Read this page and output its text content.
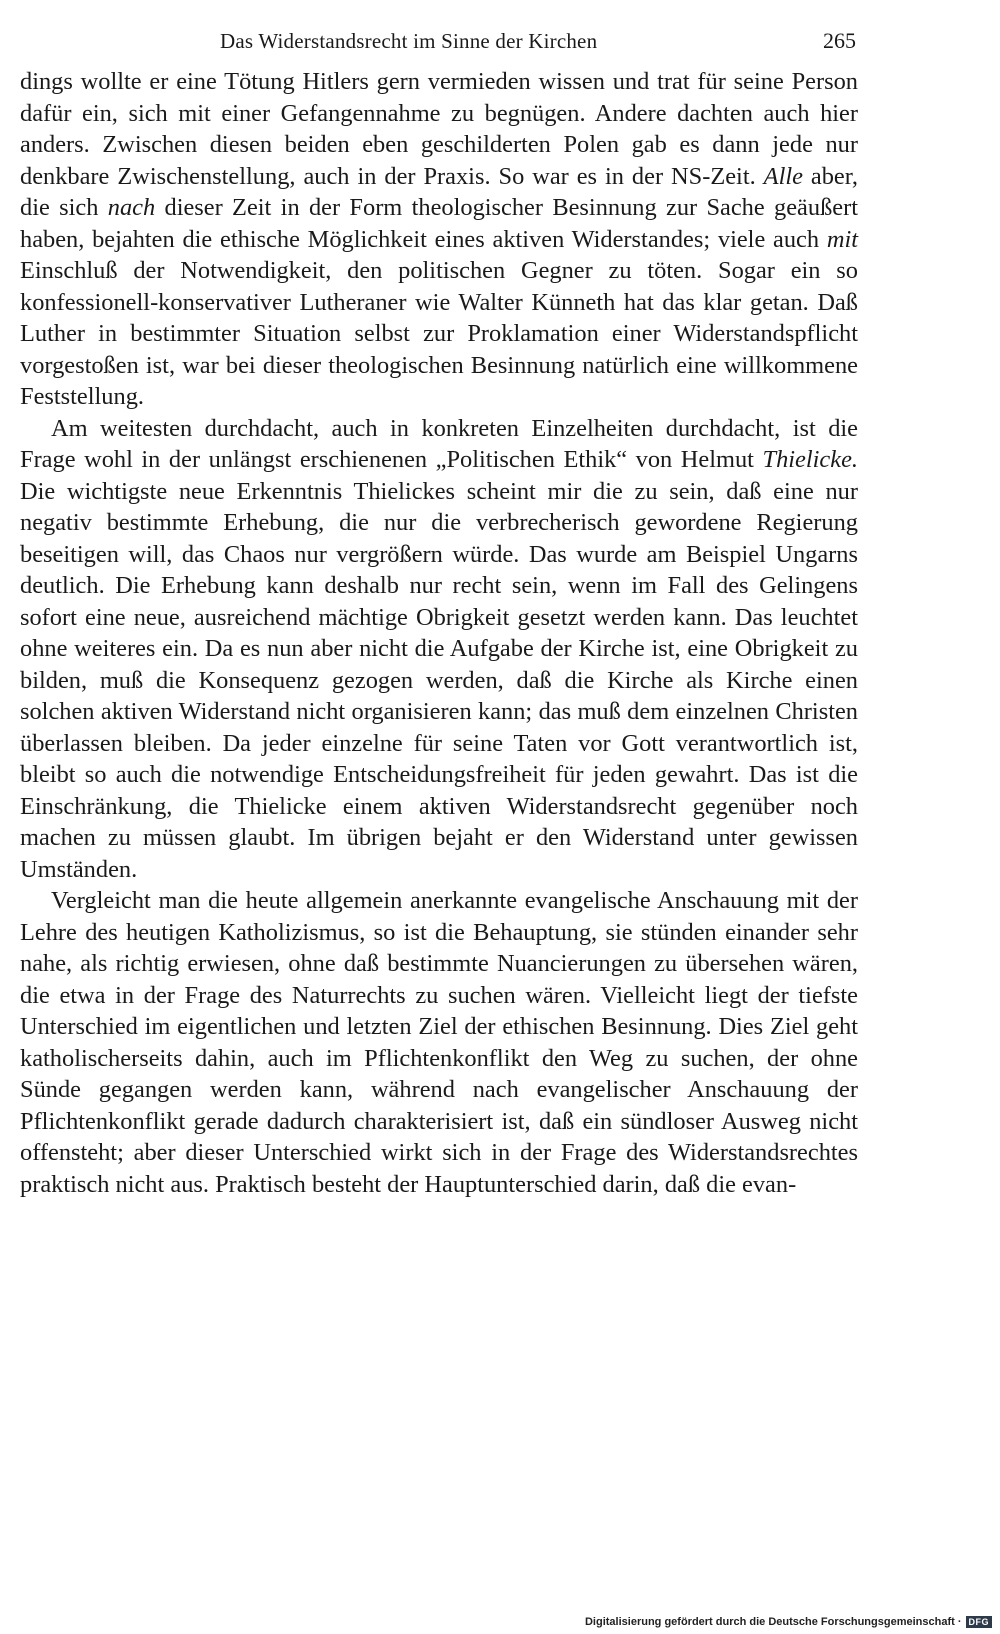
Das Widerstandsrecht im Sinne der Kirchen	265

dings wollte er eine Tötung Hitlers gern vermieden wissen und trat für seine Person dafür ein, sich mit einer Gefangennahme zu begnügen. Andere dachten auch hier anders. Zwischen diesen beiden eben geschilderten Polen gab es dann jede nur denkbare Zwischenstellung, auch in der Praxis. So war es in der NS-Zeit. Alle aber, die sich nach dieser Zeit in der Form theologischer Besinnung zur Sache geäußert haben, bejahten die ethische Möglichkeit eines aktiven Widerstandes; viele auch mit Einschluß der Notwendigkeit, den politischen Gegner zu töten. Sogar ein so konfessionell-konservativer Lutheraner wie Walter Künneth hat das klar getan. Daß Luther in bestimmter Situation selbst zur Proklamation einer Widerstandspflicht vorgestoßen ist, war bei dieser theologischen Besinnung natürlich eine willkommene Feststellung.

Am weitesten durchdacht, auch in konkreten Einzelheiten durchdacht, ist die Frage wohl in der unlängst erschienenen „Politischen Ethik“ von Helmut Thielicke. Die wichtigste neue Erkenntnis Thielickes scheint mir die zu sein, daß eine nur negativ bestimmte Erhebung, die nur die verbrecherisch gewordene Regierung beseitigen will, das Chaos nur vergrößern würde. Das wurde am Beispiel Ungarns deutlich. Die Erhebung kann deshalb nur recht sein, wenn im Fall des Gelingens sofort eine neue, ausreichend mächtige Obrigkeit gesetzt werden kann. Das leuchtet ohne weiteres ein. Da es nun aber nicht die Aufgabe der Kirche ist, eine Obrigkeit zu bilden, muß die Konsequenz gezogen werden, daß die Kirche als Kirche einen solchen aktiven Widerstand nicht organisieren kann; das muß dem einzelnen Christen überlassen bleiben. Da jeder einzelne für seine Taten vor Gott verantwortlich ist, bleibt so auch die notwendige Entscheidungsfreiheit für jeden gewahrt. Das ist die Einschränkung, die Thielicke einem aktiven Widerstandsrecht gegenüber noch machen zu müssen glaubt. Im übrigen bejaht er den Widerstand unter gewissen Umständen.

Vergleicht man die heute allgemein anerkannte evangelische Anschauung mit der Lehre des heutigen Katholizismus, so ist die Behauptung, sie stünden einander sehr nahe, als richtig erwiesen, ohne daß bestimmte Nuancierungen zu übersehen wären, die etwa in der Frage des Naturrechts zu suchen wären. Vielleicht liegt der tiefste Unterschied im eigentlichen und letzten Ziel der ethischen Besinnung. Dies Ziel geht katholischerseits dahin, auch im Pflichtenkonflikt den Weg zu suchen, der ohne Sünde gegangen werden kann, während nach evangelischer Anschauung der Pflichtenkonflikt gerade dadurch charakterisiert ist, daß ein sündloser Ausweg nicht offensteht; aber dieser Unterschied wirkt sich in der Frage des Widerstandsrechtes praktisch nicht aus. Praktisch besteht der Hauptunterschied darin, daß die evan-

Digitalisierung gefördert durch die Deutsche Forschungsgemeinschaft · DFG
